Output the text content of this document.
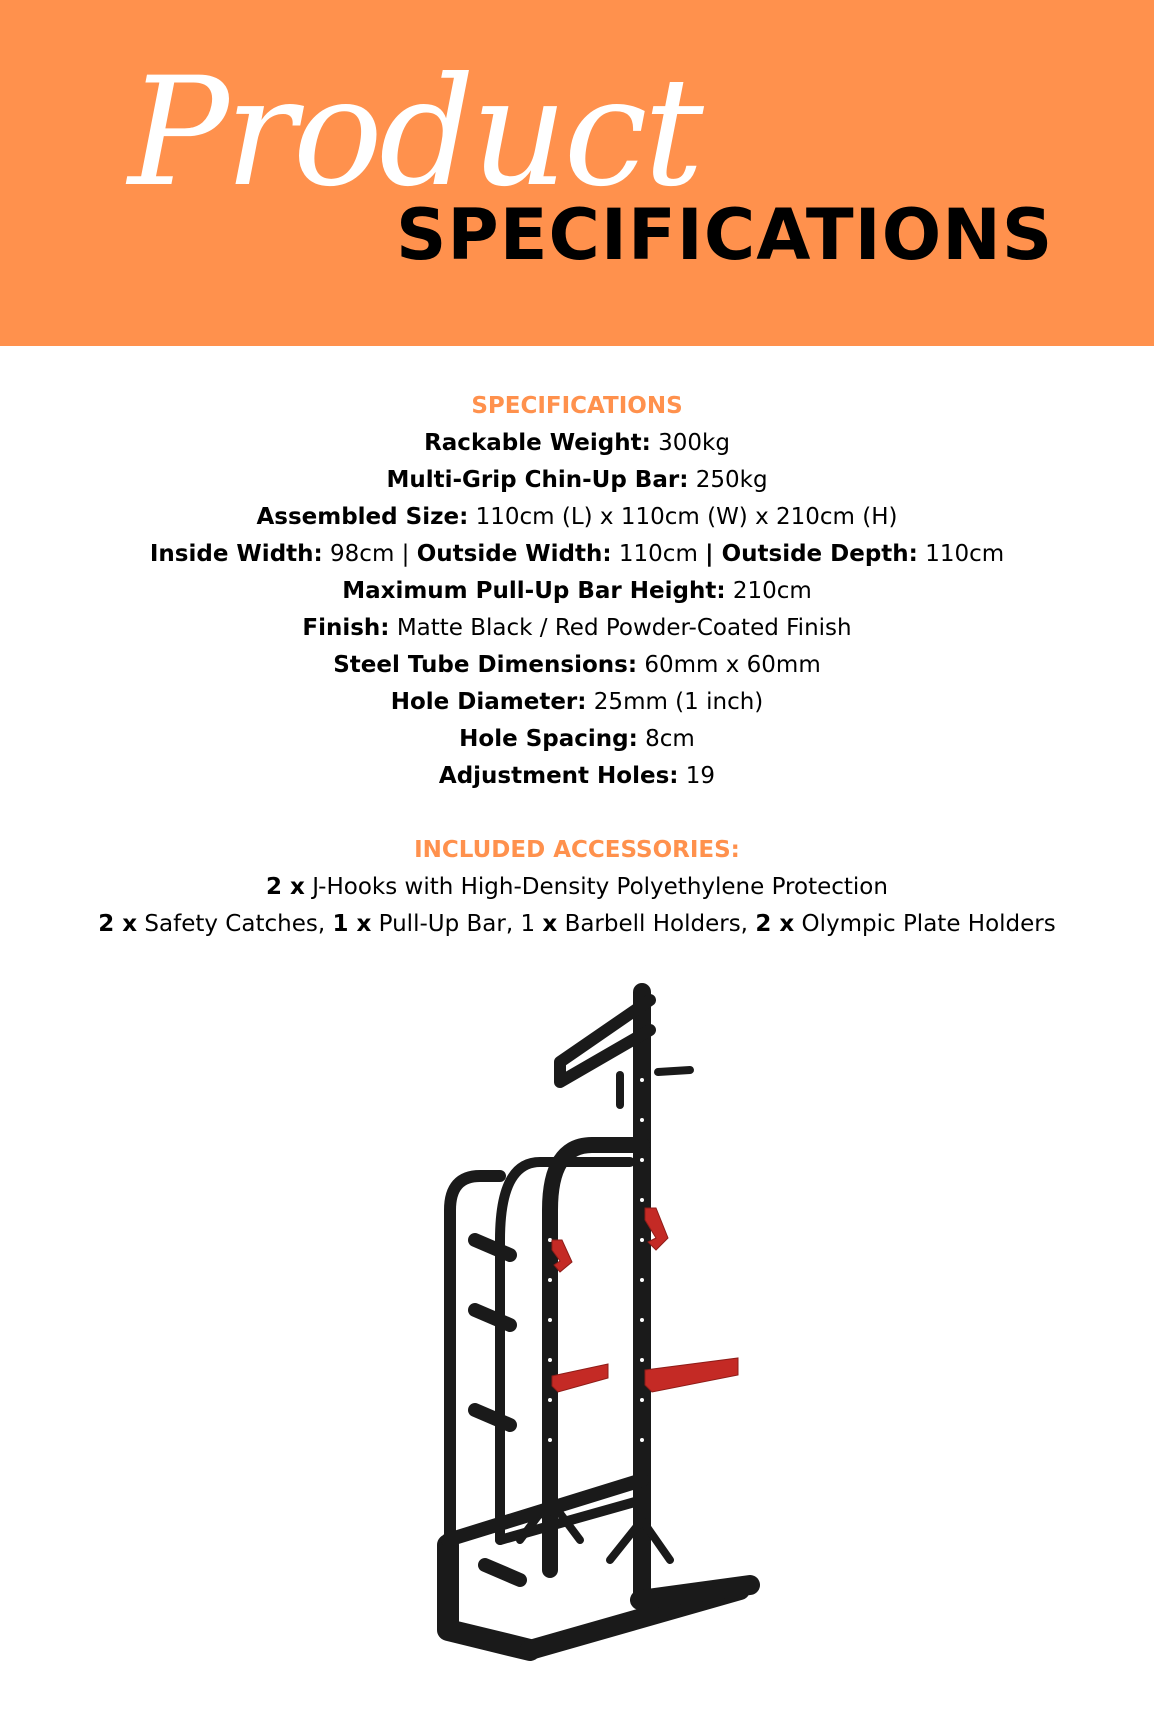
Product
SPECIFICATIONS
SPECIFICATIONS
Rackable Weight: 300kg
Multi-Grip Chin-Up Bar: 250kg
Assembled Size: 110cm (L) x 110cm (W) x 210cm (H)
Inside Width: 98cm | Outside Width: 110cm | Outside Depth: 110cm
Maximum Pull-Up Bar Height: 210cm
Finish: Matte Black / Red Powder-Coated Finish
Steel Tube Dimensions: 60mm x 60mm
Hole Diameter: 25mm (1 inch)
Hole Spacing: 8cm
Adjustment Holes: 19
INCLUDED ACCESSORIES:
2 x J-Hooks with High-Density Polyethylene Protection
2 x Safety Catches, 1 x Pull-Up Bar, 1 x Barbell Holders, 2 x Olympic Plate Holders
